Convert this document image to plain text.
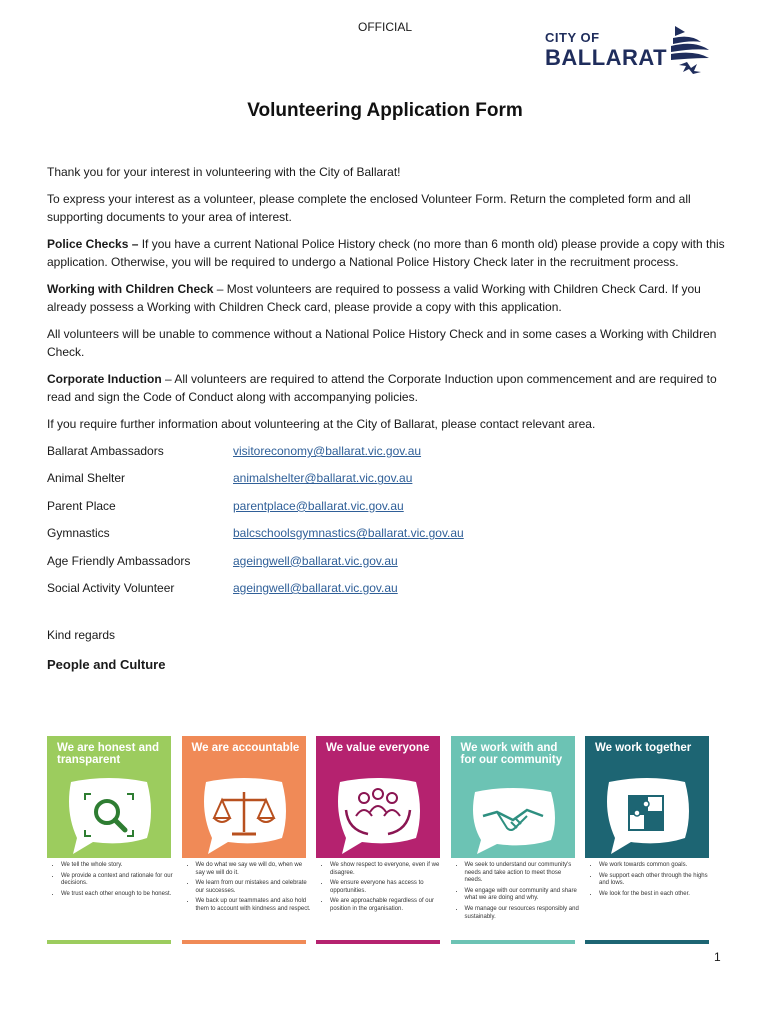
OFFICIAL
CITY OF
BALLARAT
Volunteering Application Form

Thank you for your interest in volunteering with the City of Ballarat!

To express your interest as a volunteer, please complete the enclosed Volunteer Form. Return the completed form and all supporting documents to your area of interest.

Police Checks – If you have a current National Police History check (no more than 6 month old) please provide a copy with this application. Otherwise, you will be required to undergo a National Police History Check later in the recruitment process.

Working with Children Check – Most volunteers are required to possess a valid Working with Children Check Card. If you already possess a Working with Children Check card, please provide a copy with this application.

All volunteers will be unable to commence without a National Police History Check and in some cases a Working with Children Check.

Corporate Induction – All volunteers are required to attend the Corporate Induction upon commencement and are required to read and sign the Code of Conduct along with accompanying policies.

If you require further information about volunteering at the City of Ballarat, please contact relevant area.

Ballarat Ambassadors	visitoreconomy@ballarat.vic.gov.au
Animal Shelter	animalshelter@ballarat.vic.gov.au
Parent Place	parentplace@ballarat.vic.gov.au
Gymnastics	balcschoolsgymnastics@ballarat.vic.gov.au
Age Friendly Ambassadors	ageingwell@ballarat.vic.gov.au
Social Activity Volunteer	ageingwell@ballarat.vic.gov.au
Kind regards
People and Culture
We are honest and transparent
• We tell the whole story.
• We provide a context and rationale for our decisions.
• We trust each other enough to be honest.
We are accountable
• We do what we say we will do, when we say we will do it.
• We learn from our mistakes and celebrate our successes.
• We back up our teammates and also hold them to account with kindness and respect.
We value everyone
• We show respect to everyone, even if we disagree.
• We ensure everyone has access to opportunities.
• We are approachable regardless of our position in the organisation.
We work with and for our community
• We seek to understand our community's needs and take action to meet those needs.
• We engage with our community and share what we are doing and why.
• We manage our resources responsibly and sustainably.
We work together
• We work towards common goals.
• We support each other through the highs and lows.
• We look for the best in each other.
1
